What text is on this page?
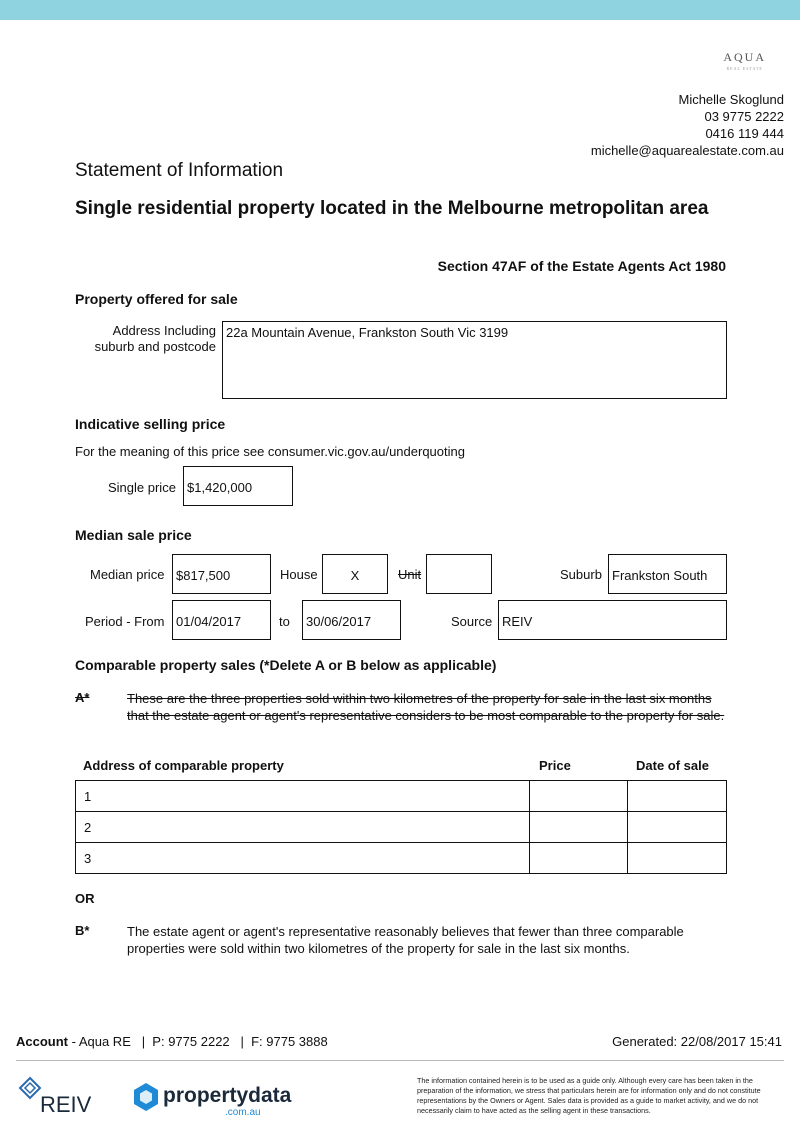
AQUA
REAL ESTATE
Michelle Skoglund
03 9775 2222
0416 119 444
michelle@aquarealestate.com.au
Statement of Information
Single residential property located in the Melbourne metropolitan area
Section 47AF of the Estate Agents Act 1980
Property offered for sale
Address Including suburb and postcode
22a Mountain Avenue, Frankston South Vic 3199
Indicative selling price
For the meaning of this price see consumer.vic.gov.au/underquoting
Single price $1,420,000
Median sale price
Median price $817,500	House	X	Unit	Suburb Frankston South
Period - From 01/04/2017	to	30/06/2017	Source REIV
Comparable property sales (*Delete A or B below as applicable)
A*	These are the three properties sold within two kilometres of the property for sale in the last six months that the estate agent or agent's representative considers to be most comparable to the property for sale.
Address of comparable property	Price	Date of sale
1		
2		
3		
OR
B*	The estate agent or agent's representative reasonably believes that fewer than three comparable properties were sold within two kilometres of the property for sale in the last six months.
Account - Aqua RE   |  P: 9775 2222   |  F: 9775 3888	Generated: 22/08/2017 15:41
REIV	propertydata
.com.au
The information contained herein is to be used as a guide only. Although every care has been taken in the preparation of the information, we stress that particulars herein are for information only and do not constitute representations by the Owners or Agent. Sales data is provided as a guide to market activity, and we do not necessarily claim to have acted as the selling agent in these transactions.
